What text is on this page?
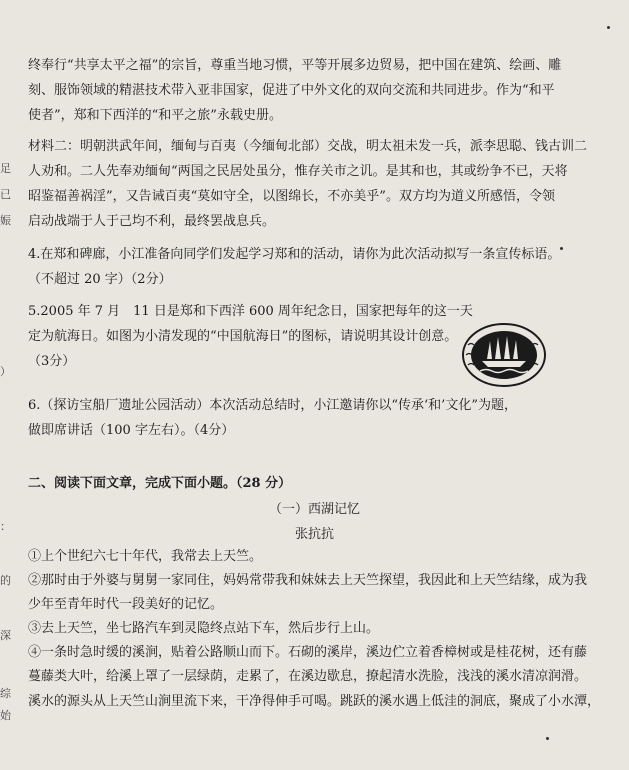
终奉行“共享太平之福”的宗旨，尊重当地习惯，平等开展多边贸易，把中国在建筑、绘画、雕
刻、服饰领域的精湛技术带入亚非国家，促进了中外文化的双向交流和共同进步。作为“和平
使者”，郑和下西洋的“和平之旅”永载史册。
材料二：明朝洪武年间，缅甸与百夷（今缅甸北部）交战，明太祖未发一兵，派李思聪、钱古训二
人劝和。二人先奉劝缅甸“两国之民居处虽分，惟存关市之讥。是其和也，其或纷争不已，天将
昭鉴福善祸淫”，又告诫百夷“莫如守全，以图绵长，不亦美乎”。双方均为道义所感悟，令领
启动战端于人于己均不利，最终罢战息兵。
4.在郑和碑廊，小江准备向同学们发起学习郑和的活动，请你为此次活动拟写一条宣传标语。
（不超过 20 字）（2分）
5.2005 年 7 月　11 日是郑和下西洋 600 周年纪念日，国家把每年的这一天
定为航海日。如图为小清发现的“中国航海日”的图标，请说明其设计创意。
（3分）
6.（探访宝船厂遗址公园活动）本次活动总结时，小江邀请你以“传承‘和’文化”为题，
做即席讲话（100 字左右）。（4分）
二、阅读下面文章，完成下面小题。（28 分）
（一）西湖记忆
张抗抗
①上个世纪六七十年代，我常去上天竺。
②那时由于外婆与舅舅一家同住，妈妈常带我和妹妹去上天竺探望，我因此和上天竺结缘，成为我
少年至青年时代一段美好的记忆。
③去上天竺，坐七路汽车到灵隐终点站下车，然后步行上山。
④一条时急时缓的溪涧，贴着公路顺山而下。石砌的溪岸，溪边伫立着香樟树或是桂花树，还有藤
蔓藤类大叶，给溪上罩了一层绿荫，走累了，在溪边歇息，撩起清水洗脸，浅浅的溪水清凉润滑。
溪水的源头从上天竺山涧里流下来，干净得伸手可喝。跳跃的溪水遇上低洼的洞底，聚成了小水潭，
足
已
娠
）
：
的
深
综
始
